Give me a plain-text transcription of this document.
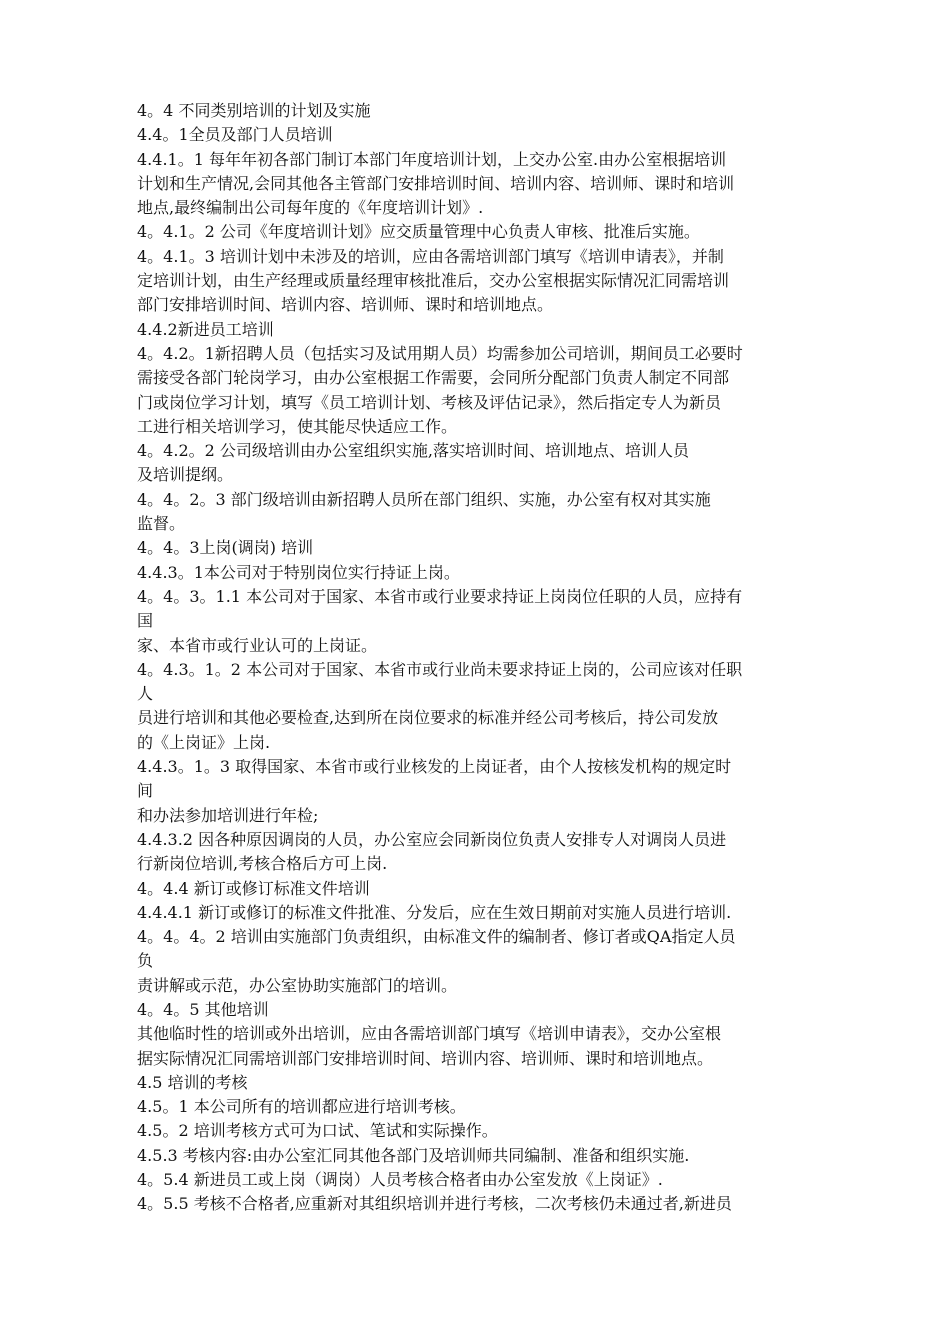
4。4 不同类别培训的计划及实施
4.4。1全员及部门人员培训
4.4.1。1 每年年初各部门制订本部门年度培训计划，上交办公室.由办公室根据培训
计划和生产情况,会同其他各主管部门安排培训时间、培训内容、培训师、课时和培训
地点,最终编制出公司每年度的《年度培训计划》.
4。4.1。2 公司《年度培训计划》应交质量管理中心负责人审核、批准后实施。
4。4.1。3 培训计划中未涉及的培训，应由各需培训部门填写《培训申请表》，并制
定培训计划，由生产经理或质量经理审核批准后，交办公室根据实际情况汇同需培训
部门安排培训时间、培训内容、培训师、课时和培训地点。
4.4.2新进员工培训
4。4.2。1新招聘人员（包括实习及试用期人员）均需参加公司培训，期间员工必要时
需接受各部门轮岗学习，由办公室根据工作需要，会同所分配部门负责人制定不同部
门或岗位学习计划，填写《员工培训计划、考核及评估记录》，然后指定专人为新员
工进行相关培训学习，使其能尽快适应工作。
4。4.2。2 公司级培训由办公室组织实施,落实培训时间、培训地点、培训人员
及培训提纲。
4。4。2。3 部门级培训由新招聘人员所在部门组织、实施，办公室有权对其实施
监督。
4。4。3上岗(调岗) 培训
4.4.3。1本公司对于特别岗位实行持证上岗。
4。4。3。1.1 本公司对于国家、本省市或行业要求持证上岗岗位任职的人员，应持有
国
家、本省市或行业认可的上岗证。
4。4.3。1。2 本公司对于国家、本省市或行业尚未要求持证上岗的，公司应该对任职
人
员进行培训和其他必要检查,达到所在岗位要求的标准并经公司考核后，持公司发放
的《上岗证》上岗.
4.4.3。1。3 取得国家、本省市或行业核发的上岗证者，由个人按核发机构的规定时
间
和办法参加培训进行年检;
4.4.3.2 因各种原因调岗的人员，办公室应会同新岗位负责人安排专人对调岗人员进
行新岗位培训,考核合格后方可上岗.
4。4.4 新订或修订标准文件培训
4.4.4.1 新订或修订的标准文件批准、分发后，应在生效日期前对实施人员进行培训.
4。4。4。2 培训由实施部门负责组织，由标准文件的编制者、修订者或QA指定人员
负
责讲解或示范，办公室协助实施部门的培训。
4。4。5 其他培训
其他临时性的培训或外出培训，应由各需培训部门填写《培训申请表》，交办公室根
据实际情况汇同需培训部门安排培训时间、培训内容、培训师、课时和培训地点。
4.5 培训的考核
4.5。1 本公司所有的培训都应进行培训考核。
4.5。2 培训考核方式可为口试、笔试和实际操作。
4.5.3 考核内容:由办公室汇同其他各部门及培训师共同编制、准备和组织实施.
4。5.4 新进员工或上岗（调岗）人员考核合格者由办公室发放《上岗证》.
4。5.5 考核不合格者,应重新对其组织培训并进行考核，二次考核仍未通过者,新进员
